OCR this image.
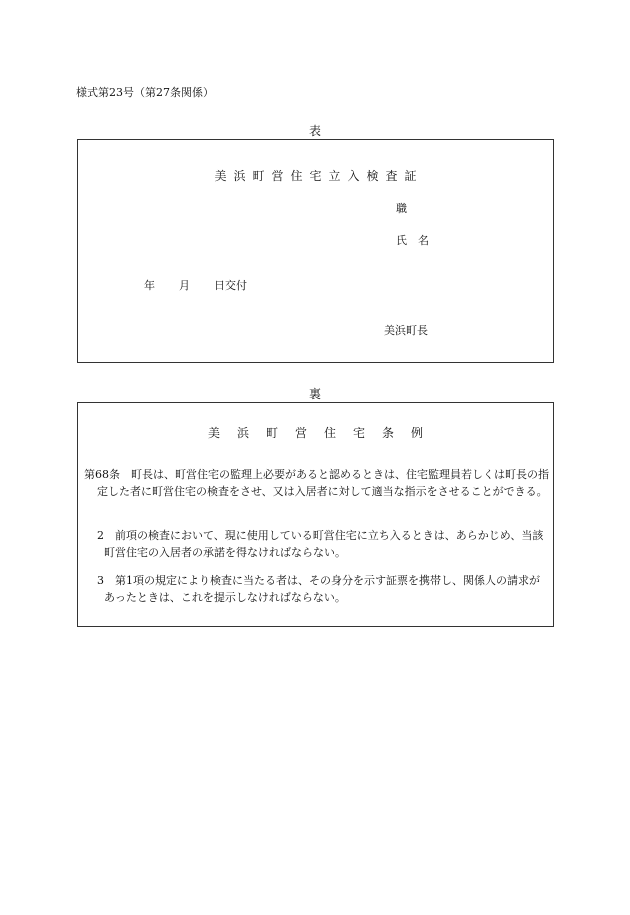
様式第23号（第27条関係）
表
美浜町営住宅立入検査証
職
氏　名
年 月 日交付
美浜町長
裏
美浜町営住宅条例
第68条　町長は、町営住宅の監理上必要があると認めるときは、住宅監理員若しくは町長の指定した者に町営住宅の検査をさせ、又は入居者に対して適当な指示をさせることができる。
2　前項の検査において、現に使用している町営住宅に立ち入るときは、あらかじめ、当該町営住宅の入居者の承諾を得なければならない。
3　第1項の規定により検査に当たる者は、その身分を示す証票を携帯し、関係人の請求があったときは、これを提示しなければならない。
